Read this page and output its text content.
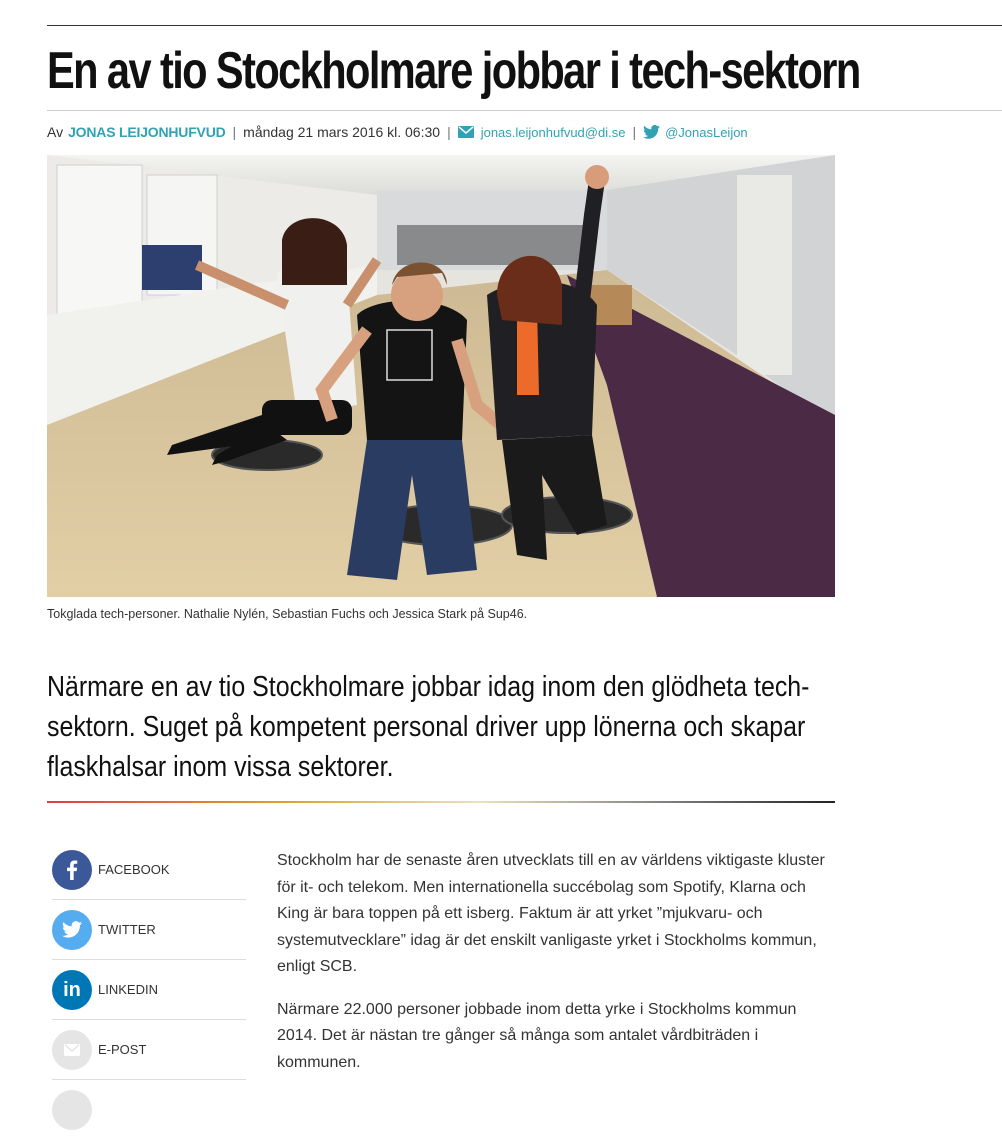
En av tio Stockholmare jobbar i tech-sektorn
Av JONAS LEIJONHUFVUD | måndag 21 mars 2016 kl. 06:30 | jonas.leijonhufvud@di.se | @JonasLeijon
Tokglada tech-personer. Nathalie Nylén, Sebastian Fuchs och Jessica Stark på Sup46.

Närmare en av tio Stockholmare jobbar idag inom den glödheta tech-sektorn. Suget på kompetent personal driver upp lönerna och skapar flaskhalsar inom vissa sektorer.

FACEBOOK
TWITTER
in LINKEDIN
E-POST

Stockholm har de senaste åren utvecklats till en av världens viktigaste kluster för it- och telekom. Men internationella succébolag som Spotify, Klarna och King är bara toppen på ett isberg. Faktum är att yrket ”mjukvaru- och systemutvecklare” idag är det enskilt vanligaste yrket i Stockholms kommun, enligt SCB.

Närmare 22.000 personer jobbade inom detta yrke i Stockholms kommun 2014. Det är nästan tre gånger så många som antalet vårdbiträden i kommunen.
